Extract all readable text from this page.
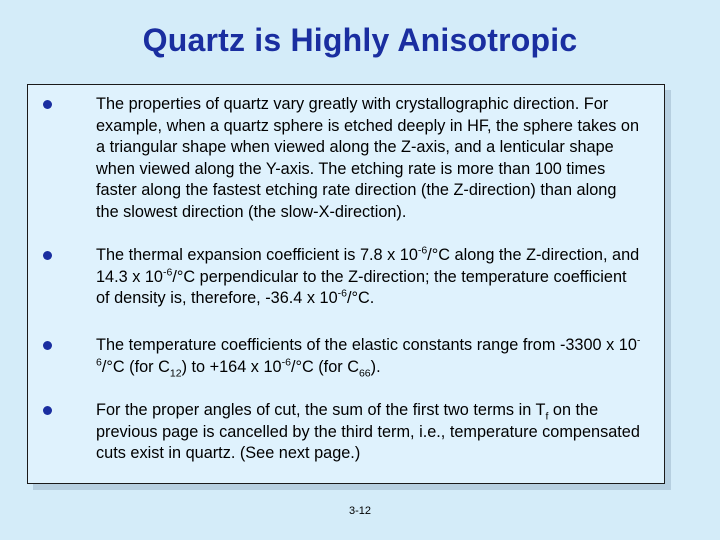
Quartz is Highly Anisotropic
The properties of quartz vary greatly with crystallographic direction. For example, when a quartz sphere is etched deeply in HF, the sphere takes on a triangular shape when viewed along the Z-axis, and a lenticular shape when viewed along the Y-axis. The etching rate is more than 100 times faster along the fastest etching rate direction (the Z-direction) than along the slowest direction (the slow-X-direction).
The thermal expansion coefficient is 7.8 x $10^{-6}/^\circ C$ along the Z-direction, and 14.3 x $10^{-6}/^\circ C$ perpendicular to the Z-direction; the temperature coefficient of density is, therefore, -36.4 x $10^{-6}/^\circ C$.
The temperature coefficients of the elastic constants range from -3300 x $10^{-6}/^\circ C$ (for $C_{12}$) to +164 x $10^{-6}/^\circ C$ (for $C_{66}$).
For the proper angles of cut, the sum of the first two terms in $T_f$ on the previous page is cancelled by the third term, i.e., temperature compensated cuts exist in quartz. (See next page.)
3-12
